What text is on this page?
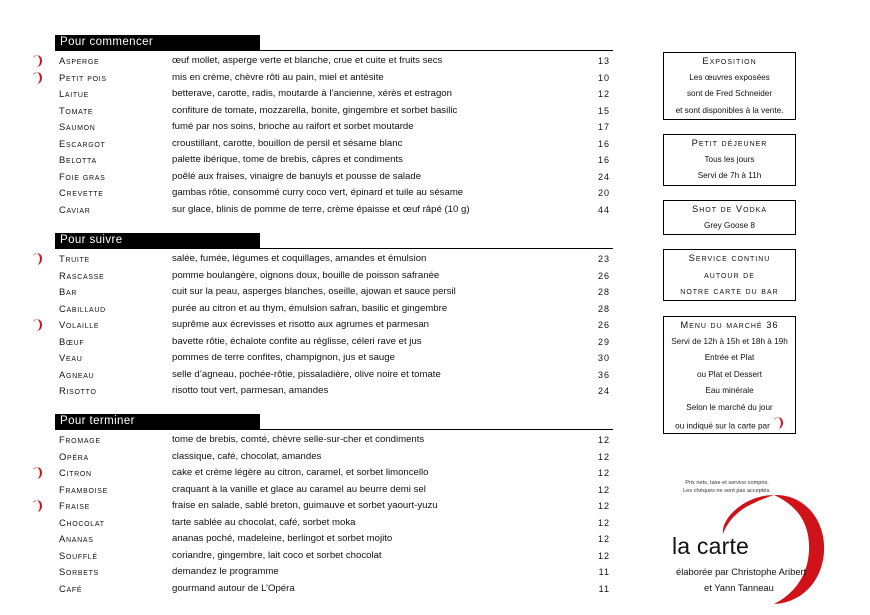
Pour commencer
Asperge	œuf mollet, asperge verte et blanche, crue et cuite et fruits secs	13
Petit pois	mis en crème, chèvre rôti au pain, miel et antésite	10
Laitue	betterave, carotte, radis, moutarde à l’ancienne, xérès et estragon	12
Tomate	confiture de tomate, mozzarella, bonite, gingembre et sorbet basilic	15
Saumon	fumé par nos soins, brioche au raifort et sorbet moutarde	17
Escargot	croustillant, carotte, bouillon de persil et sésame blanc	16
Belotta	palette ibérique, tome de brebis, câpres et condiments	16
Foie gras	poêlé aux fraises, vinaigre de banuyls et pousse de salade	24
Crevette	gambas rôtie, consommé curry coco vert, épinard et tuile au sésame	20
Caviar	sur glace, blinis de pomme de terre, crème épaisse et œuf râpé (10 g)	44
Pour suivre
Truite	salée, fumée, légumes et coquillages, amandes et émulsion	23
Rascasse	pomme boulangère, oignons doux, bouille de poisson safranée	26
Bar	cuit sur la peau, asperges blanches, oseille, ajowan et sauce persil	28
Cabillaud	purée au citron et au thym, émulsion safran, basilic et gingembre	28
Volaille	suprême aux écrevisses et risotto aux agrumes et parmesan	26
Bœuf	bavette rôtie, échalote confite au réglisse, céleri rave et jus	29
Veau	pommes de terre confites, champignon, jus et sauge	30
Agneau	selle d’agneau, pochée-rôtie, pissaladière, olive noire et tomate	36
Risotto	risotto tout vert, parmesan, amandes	24
Pour terminer
Fromage	tome de brebis, comté, chèvre selle-sur-cher et condiments	12
Opéra	classique, café, chocolat, amandes	12
Citron	cake et crème légère au citron, caramel, et sorbet limoncello	12
Framboise	craquant à la vanille et glace au caramel au beurre demi sel	12
Fraise	fraise en salade, sablé breton, guimauve et sorbet yaourt-yuzu	12
Chocolat	tarte sablée au chocolat, café, sorbet moka	12
Ananas	ananas poché, madeleine, berlingot et sorbet mojito	12
Soufflé	coriandre, gingembre, lait coco et sorbet chocolat	12
Sorbets	demandez le programme	11
Café	gourmand autour de L’Opéra	11
la carte
élaborée par Christophe Aribert
et Yann Tanneau
Prix nets, taxe et service compris.
Les chèques ne sont pas acceptés.
Exposition
Les œuvres exposées
sont de Fred Schneider
et sont disponibles à la vente.
Petit déjeuner
Tous les jours
Servi de 7h à 11h
Shot de Vodka
Grey Goose 8
Service continu
autour de
notre carte du bar
Menu du marché 36
Servi de 12h à 15h et 18h à 19h
Entrée et Plat
ou Plat et Dessert
Eau minérale
Selon le marché du jour
ou indiqué sur la carte par
